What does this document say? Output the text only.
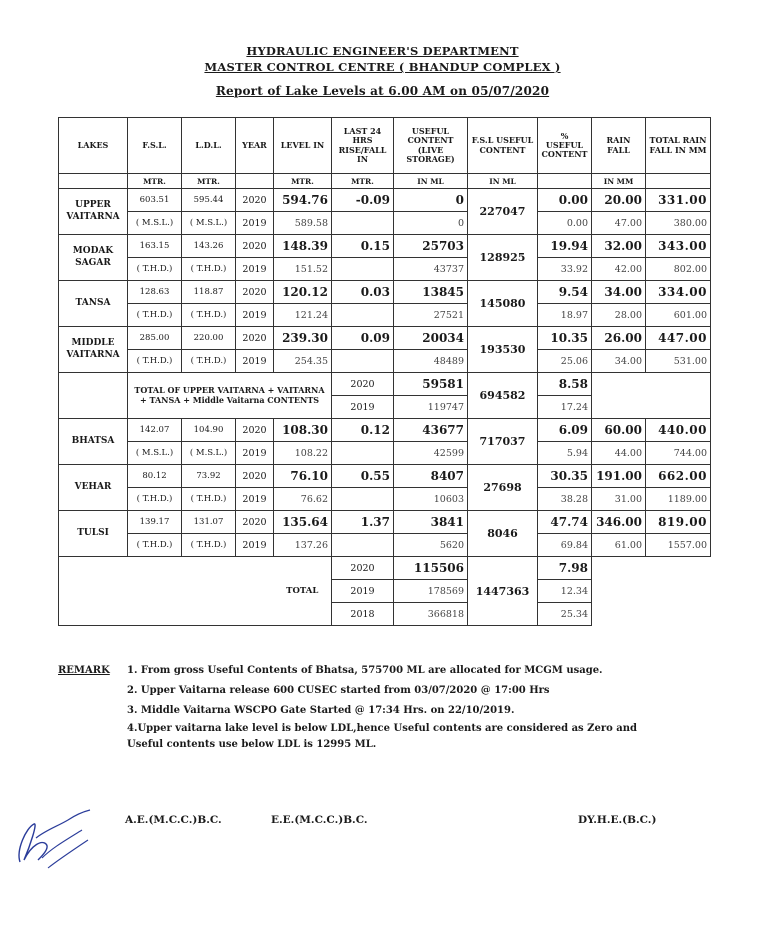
HYDRAULIC ENGINEER'S DEPARTMENT
MASTER CONTROL CENTRE ( BHANDUP COMPLEX )
Report of Lake Levels at 6.00 AM on 05/07/2020
LAKES	F.S.L.	L.D.L.	YEAR	LEVEL IN	LAST 24 HRS RISE/FALL IN	USEFUL CONTENT (LIVE STORAGE)	F.S.L USEFUL CONTENT	% USEFUL CONTENT	RAIN FALL	TOTAL RAIN FALL IN MM
	MTR.	MTR.		MTR.	MTR.	IN ML	IN ML		IN MM	
UPPER VAITARNA	603.51	595.44	2020	594.76	-0.09	0	227047	0.00	20.00	331.00
	( M.S.L.)	( M.S.L.)	2019	589.58		0		0.00	47.00	380.00
MODAK SAGAR	163.15	143.26	2020	148.39	0.15	25703	128925	19.94	32.00	343.00
	( T.H.D.)	( T.H.D.)	2019	151.52		43737		33.92	42.00	802.00
TANSA	128.63	118.87	2020	120.12	0.03	13845	145080	9.54	34.00	334.00
	( T.H.D.)	( T.H.D.)	2019	121.24		27521		18.97	28.00	601.00
MIDDLE VAITARNA	285.00	220.00	2020	239.30	0.09	20034	193530	10.35	26.00	447.00
	( T.H.D.)	( T.H.D.)	2019	254.35		48489		25.06	34.00	531.00
	TOTAL OF UPPER VAITARNA + VAITARNA + TANSA + Middle Vaitarna CONTENTS				2020	59581	694582	8.58		
					2019	119747		17.24		
BHATSA	142.07	104.90	2020	108.30	0.12	43677	717037	6.09	60.00	440.00
	( M.S.L.)	( M.S.L.)	2019	108.22		42599		5.94	44.00	744.00
VEHAR	80.12	73.92	2020	76.10	0.55	8407	27698	30.35	191.00	662.00
	( T.H.D.)	( T.H.D.)	2019	76.62		10603		38.28	31.00	1189.00
TULSI	139.17	131.07	2020	135.64	1.37	3841	8046	47.74	346.00	819.00
	( T.H.D.)	( T.H.D.)	2019	137.26		5620		69.84	61.00	1557.00
				TOTAL	2020	115506	1447363	7.98		
					2019	178569		12.34		
					2018	366818		25.34		
REMARK 1. From gross Useful Contents of Bhatsa, 575700 ML are allocated for MCGM usage.
2. Upper Vaitarna release 600 CUSEC started from 03/07/2020 @ 17:00 Hrs
3. Middle Vaitarna WSCPO Gate Started @ 17:34 Hrs. on 22/10/2019.
4.Upper vaitarna lake level is below LDL,hence Useful contents are considered as Zero and
Useful contents use below LDL is 12995 ML.
A.E.(M.C.C.)B.C.	E.E.(M.C.C.)B.C.	DY.H.E.(B.C.)
